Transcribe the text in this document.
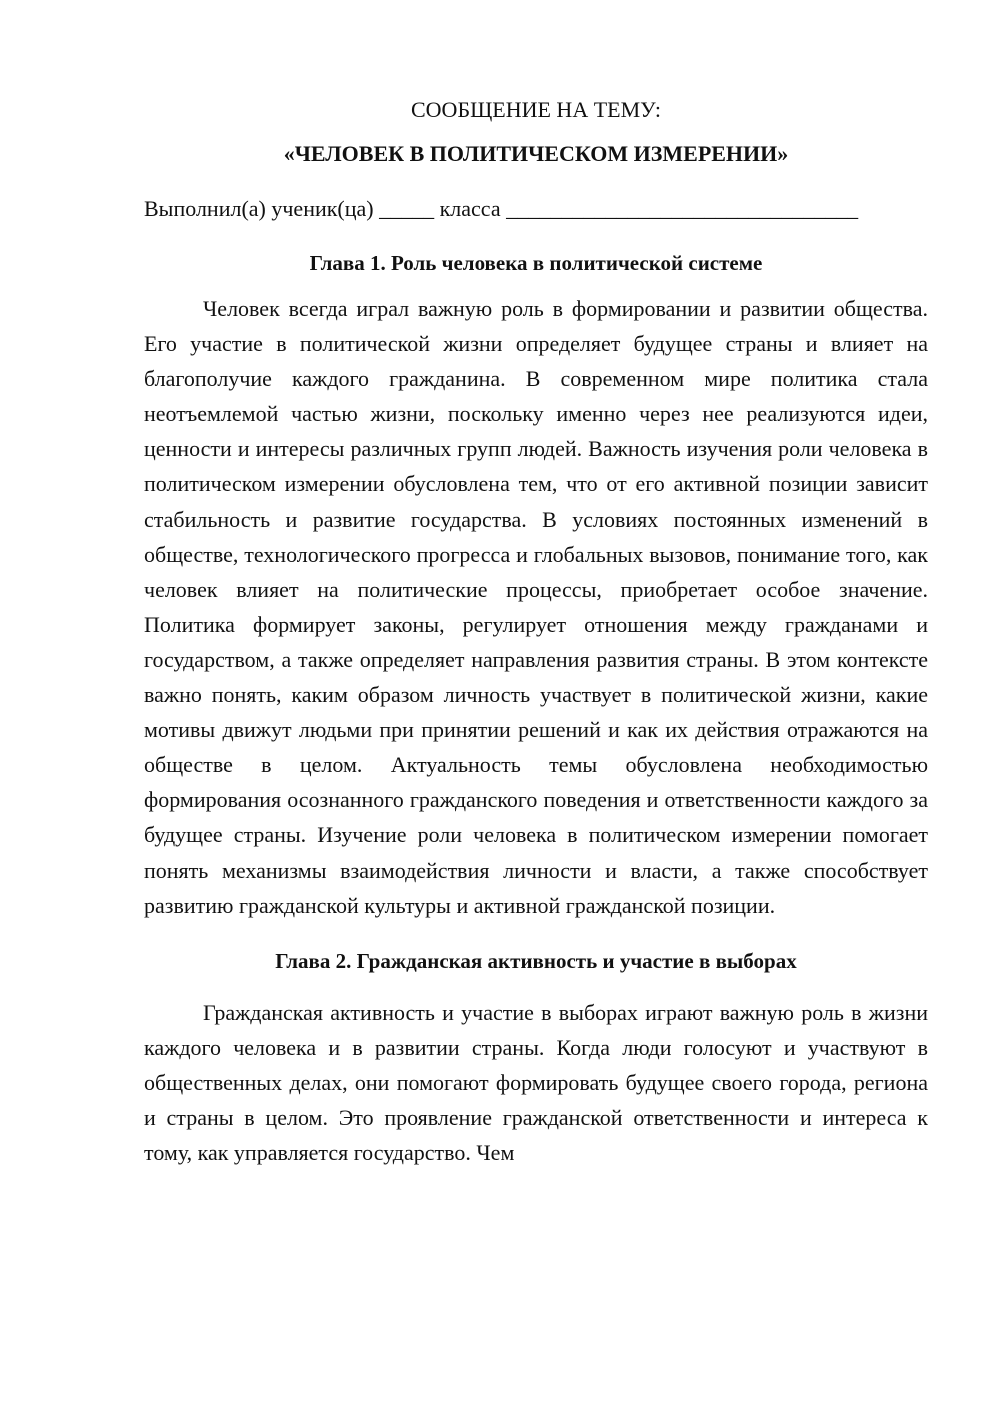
СООБЩЕНИЕ НА ТЕМУ:

«ЧЕЛОВЕК В ПОЛИТИЧЕСКОМ ИЗМЕРЕНИИ»

Выполнил(а) ученик(ца) _____ класса ________________________________
Глава 1. Роль человека в политической системе

Человек всегда играл важную роль в формировании и развитии общества. Его участие в политической жизни определяет будущее страны и влияет на благополучие каждого гражданина. В современном мире политика стала неотъемлемой частью жизни, поскольку именно через нее реализуются идеи, ценности и интересы различных групп людей. Важность изучения роли человека в политическом измерении обусловлена тем, что от его активной позиции зависит стабильность и развитие государства. В условиях постоянных изменений в обществе, технологического прогресса и глобальных вызовов, понимание того, как человек влияет на политические процессы, приобретает особое значение. Политика формирует законы, регулирует отношения между гражданами и государством, а также определяет направления развития страны. В этом контексте важно понять, каким образом личность участвует в политической жизни, какие мотивы движут людьми при принятии решений и как их действия отражаются на обществе в целом. Актуальность темы обусловлена необходимостью формирования осознанного гражданского поведения и ответственности каждого за будущее страны. Изучение роли человека в политическом измерении помогает понять механизмы взаимодействия личности и власти, а также способствует развитию гражданской культуры и активной гражданской позиции.

Глава 2. Гражданская активность и участие в выборах

Гражданская активность и участие в выборах играют важную роль в жизни каждого человека и в развитии страны. Когда люди голосуют и участвуют в общественных делах, они помогают формировать будущее своего города, региона и страны в целом. Это проявление гражданской ответственности и интереса к тому, как управляется государство. Чем
